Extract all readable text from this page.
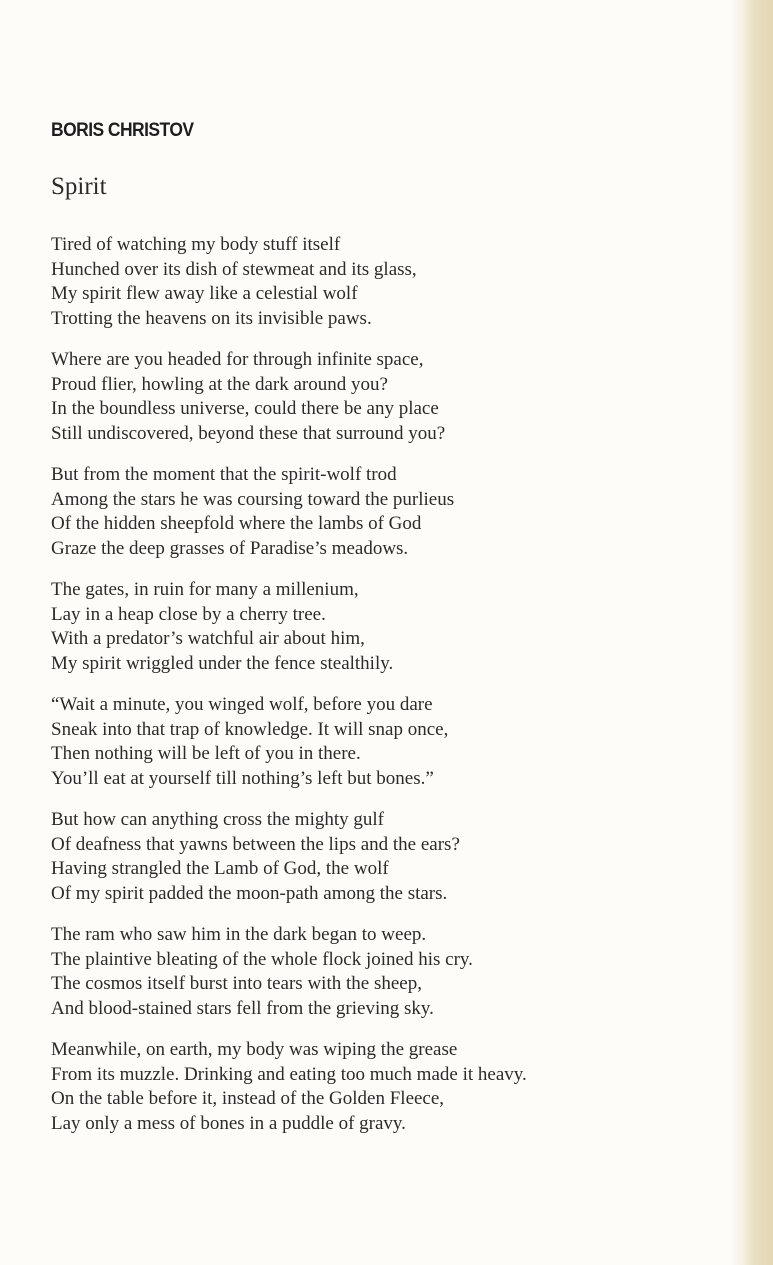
BORIS CHRISTOV
Spirit
Tired of watching my body stuff itself
Hunched over its dish of stewmeat and its glass,
My spirit flew away like a celestial wolf
Trotting the heavens on its invisible paws.
Where are you headed for through infinite space,
Proud flier, howling at the dark around you?
In the boundless universe, could there be any place
Still undiscovered, beyond these that surround you?
But from the moment that the spirit-wolf trod
Among the stars he was coursing toward the purlieus
Of the hidden sheepfold where the lambs of God
Graze the deep grasses of Paradise’s meadows.
The gates, in ruin for many a millenium,
Lay in a heap close by a cherry tree.
With a predator’s watchful air about him,
My spirit wriggled under the fence stealthily.
“Wait a minute, you winged wolf, before you dare
Sneak into that trap of knowledge. It will snap once,
Then nothing will be left of you in there.
You’ll eat at yourself till nothing’s left but bones.”
But how can anything cross the mighty gulf
Of deafness that yawns between the lips and the ears?
Having strangled the Lamb of God, the wolf
Of my spirit padded the moon-path among the stars.
The ram who saw him in the dark began to weep.
The plaintive bleating of the whole flock joined his cry.
The cosmos itself burst into tears with the sheep,
And blood-stained stars fell from the grieving sky.
Meanwhile, on earth, my body was wiping the grease
From its muzzle. Drinking and eating too much made it heavy.
On the table before it, instead of the Golden Fleece,
Lay only a mess of bones in a puddle of gravy.
